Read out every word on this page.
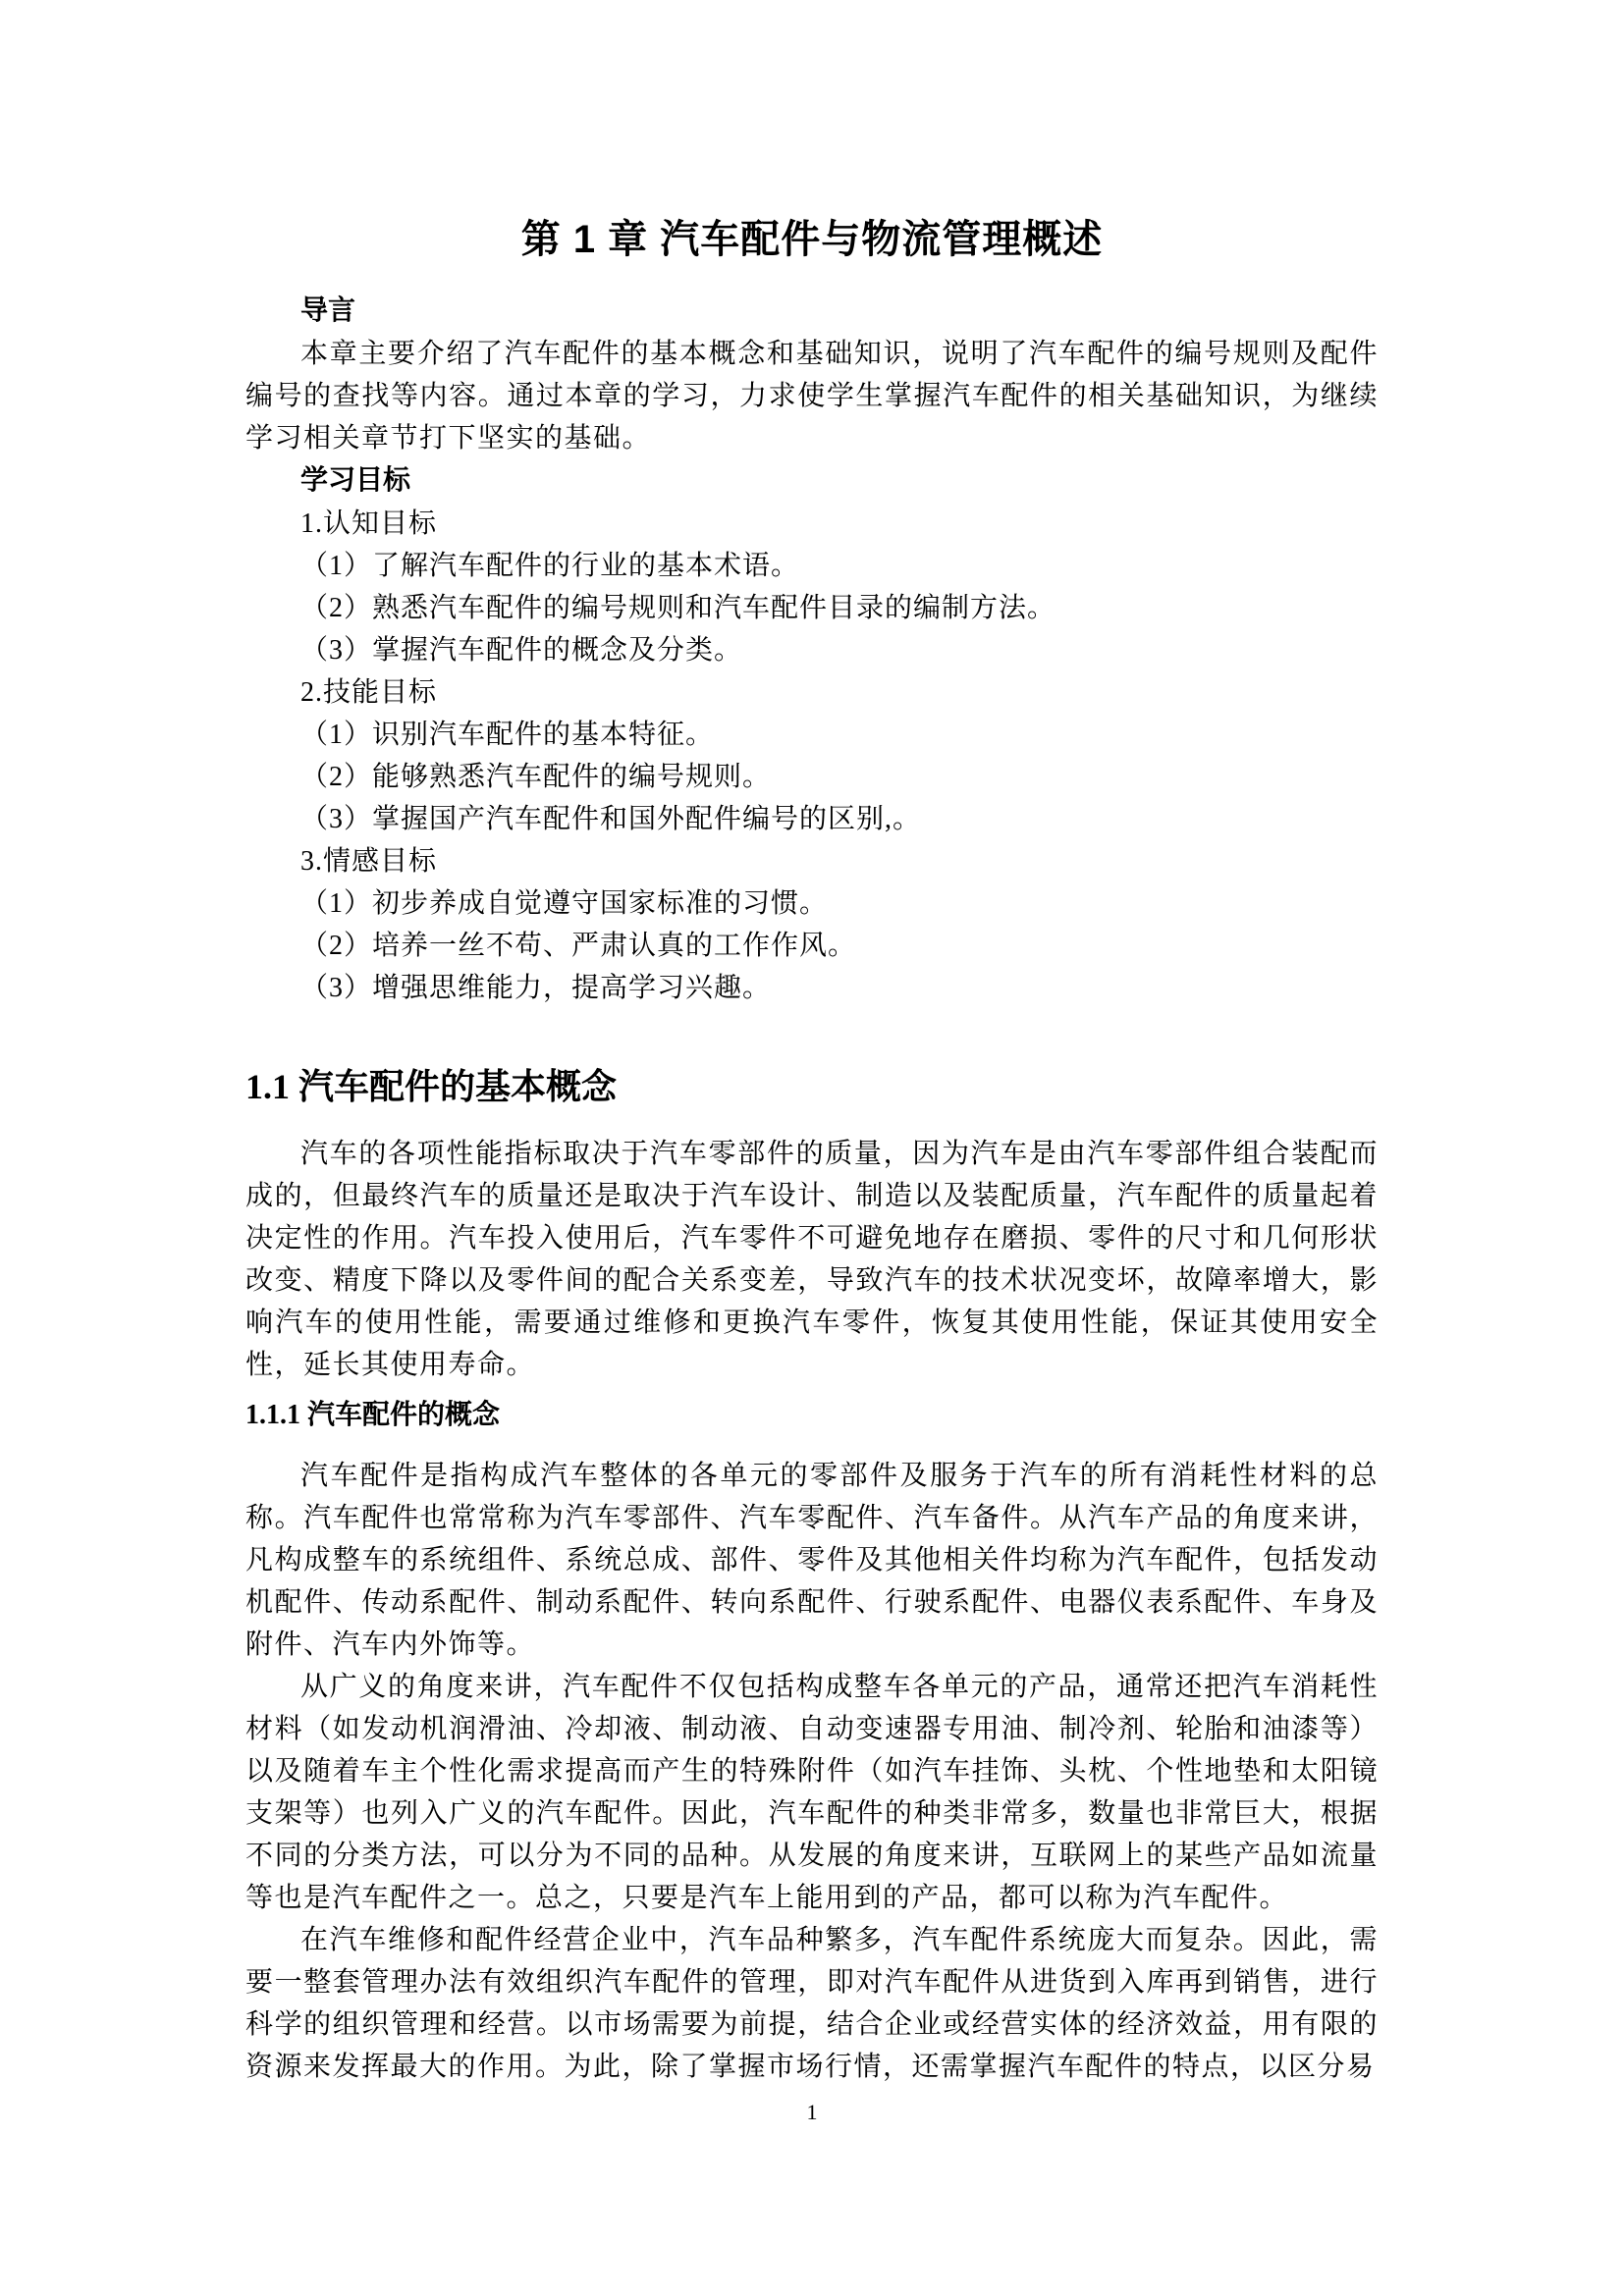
第 1 章 汽车配件与物流管理概述
导言

本章主要介绍了汽车配件的基本概念和基础知识，说明了汽车配件的编号规则及配件编号的查找等内容。通过本章的学习，力求使学生掌握汽车配件的相关基础知识，为继续学习相关章节打下坚实的基础。

学习目标
1.认知目标
（1）了解汽车配件的行业的基本术语。
（2）熟悉汽车配件的编号规则和汽车配件目录的编制方法。
（3）掌握汽车配件的概念及分类。
2.技能目标
（1）识别汽车配件的基本特征。
（2）能够熟悉汽车配件的编号规则。
（3）掌握国产汽车配件和国外配件编号的区别,。
3.情感目标
（1）初步养成自觉遵守国家标准的习惯。
（2）培养一丝不苟、严肃认真的工作作风。
（3）增强思维能力，提高学习兴趣。
1.1 汽车配件的基本概念

汽车的各项性能指标取决于汽车零部件的质量，因为汽车是由汽车零部件组合装配而成的，但最终汽车的质量还是取决于汽车设计、制造以及装配质量，汽车配件的质量起着决定性的作用。汽车投入使用后，汽车零件不可避免地存在磨损、零件的尺寸和几何形状改变、精度下降以及零件间的配合关系变差，导致汽车的技术状况变坏，故障率增大，影响汽车的使用性能，需要通过维修和更换汽车零件，恢复其使用性能，保证其使用安全性，延长其使用寿命。

1.1.1 汽车配件的概念

汽车配件是指构成汽车整体的各单元的零部件及服务于汽车的所有消耗性材料的总称。汽车配件也常常称为汽车零部件、汽车零配件、汽车备件。从汽车产品的角度来讲，凡构成整车的系统组件、系统总成、部件、零件及其他相关件均称为汽车配件，包括发动机配件、传动系配件、制动系配件、转向系配件、行驶系配件、电器仪表系配件、车身及附件、汽车内外饰等。

从广义的角度来讲，汽车配件不仅包括构成整车各单元的产品，通常还把汽车消耗性材料（如发动机润滑油、冷却液、制动液、自动变速器专用油、制冷剂、轮胎和油漆等）以及随着车主个性化需求提高而产生的特殊附件（如汽车挂饰、头枕、个性地垫和太阳镜支架等）也列入广义的汽车配件。因此，汽车配件的种类非常多，数量也非常巨大，根据不同的分类方法，可以分为不同的品种。从发展的角度来讲，互联网上的某些产品如流量等也是汽车配件之一。总之，只要是汽车上能用到的产品，都可以称为汽车配件。

在汽车维修和配件经营企业中，汽车品种繁多，汽车配件系统庞大而复杂。因此，需要一整套管理办法有效组织汽车配件的管理，即对汽车配件从进货到入库再到销售，进行科学的组织管理和经营。以市场需要为前提，结合企业或经营实体的经济效益，用有限的资源来发挥最大的作用。为此，除了掌握市场行情，还需掌握汽车配件的特点，以区分易

1
